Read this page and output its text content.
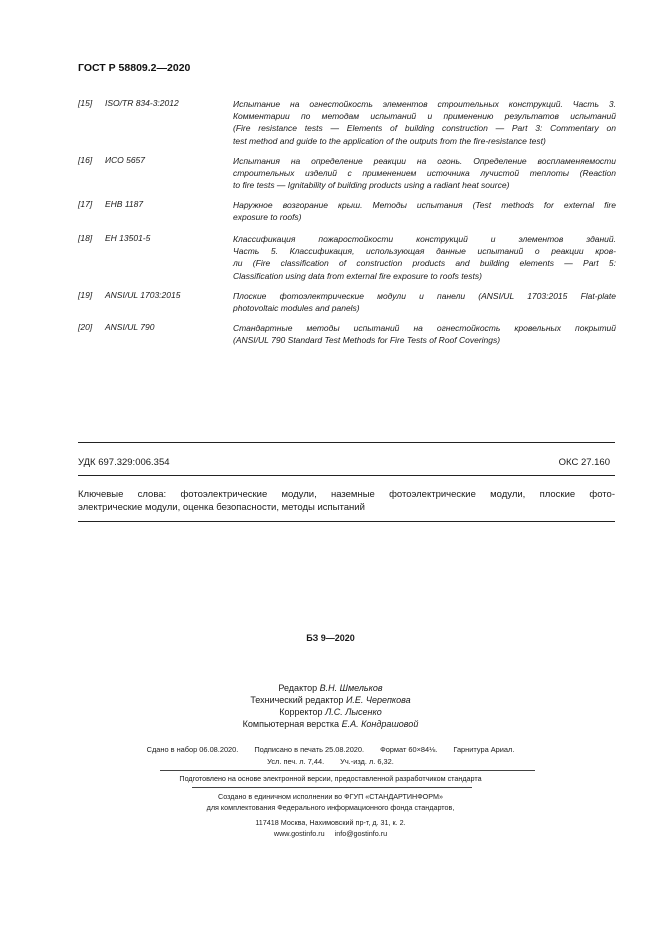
ГОСТ Р 58809.2—2020
[15] ISO/TR 834-3:2012	Испытание на огнестойкость элементов строительных конструкций. Часть 3.
Комментарии по методам испытаний и применению результатов испытаний
(Fire resistance tests — Elements of building construction — Part 3: Commentary on
test method and guide to the application of the outputs from the fire-resistance test)
[16] ИСО 5657	Испытания на определение реакции на огонь. Определение воспламеняемости
строительных изделий с применением источника лучистой теплоты (Reaction
to fire tests — Ignitability of building products using a radiant heat source)
[17] ЕНВ 1187	Наружное возгорание крыш. Методы испытания (Test methods for external fire
exposure to roofs)
[18] ЕН 13501-5	Классификация пожаростойкости конструкций и элементов зданий.
Часть 5. Классификация, использующая данные испытаний о реакции кров-
ли (Fire classification of construction products and building elements — Part 5:
Classification using data from external fire exposure to roofs tests)
[19] ANSI/UL 1703:2015	Плоские фотоэлектрические модули и панели (ANSI/UL 1703:2015 Flat-plate
photovoltaic modules and panels)
[20] ANSI/UL 790	Стандартные методы испытаний на огнестойкость кровельных покрытий
(ANSI/UL 790 Standard Test Methods for Fire Tests of Roof Coverings)
УДК 697.329:006.354	ОКС 27.160
Ключевые слова: фотоэлектрические модули, наземные фотоэлектрические модули, плоские фото-
электрические модули, оценка безопасности, методы испытаний
БЗ 9—2020
Редактор В.Н. Шмельков
Технический редактор И.Е. Черепкова
Корректор Л.С. Лысенко
Компьютерная верстка Е.А. Кондрашовой
Сдано в набор 06.08.2020. Подписано в печать 25.08.2020. Формат 60×84⅛. Гарнитура Ариал.
Усл. печ. л. 7,44. Уч.-изд. л. 6,32.
Подготовлено на основе электронной версии, предоставленной разработчиком стандарта
Создано в единичном исполнении во ФГУП «СТАНДАРТИНФОРМ»
для комплектования Федерального информационного фонда стандартов,
117418 Москва, Нахимовский пр-т, д. 31, к. 2.
www.gostinfo.ru info@gostinfo.ru
